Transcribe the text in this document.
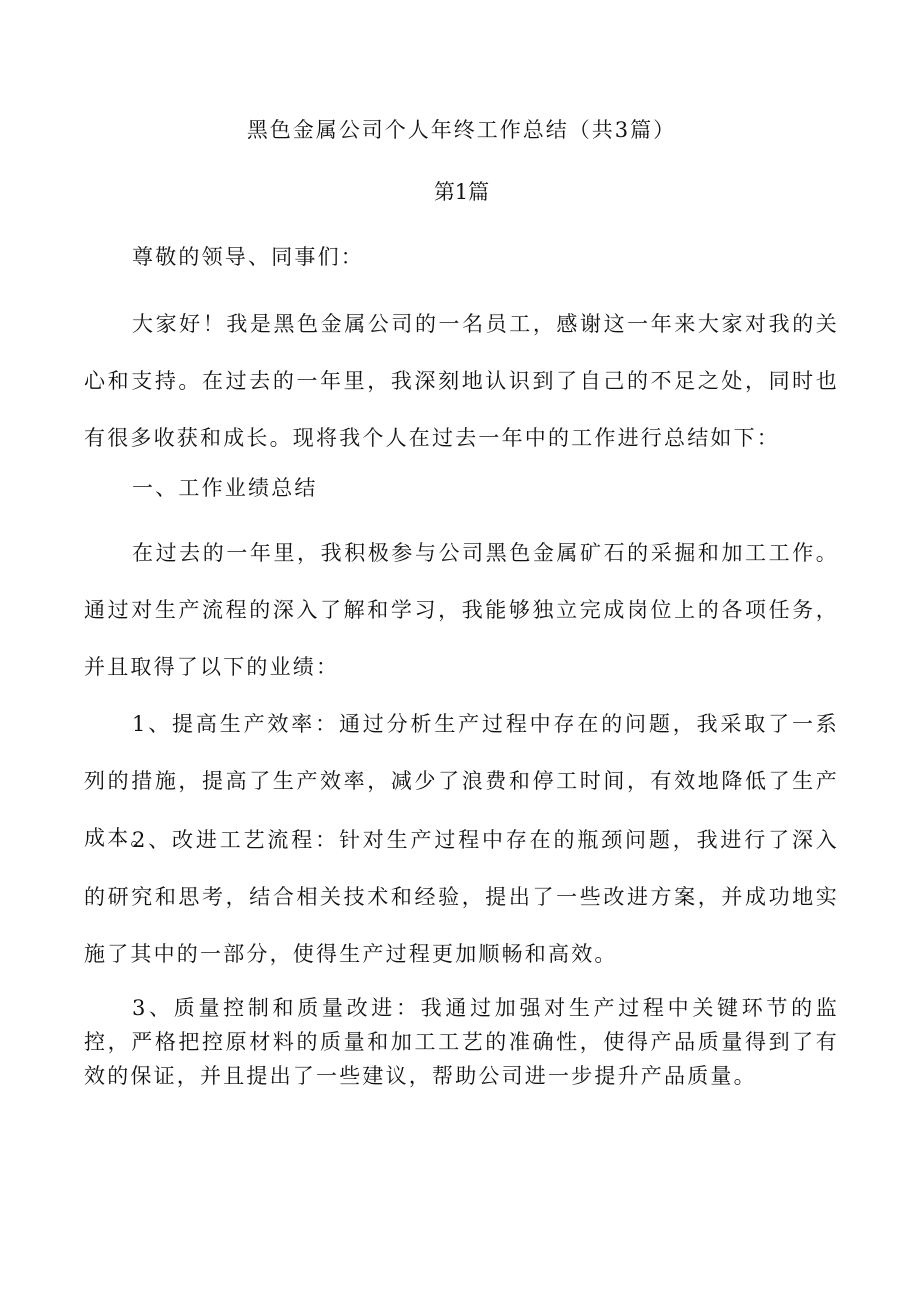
黑色金属公司个人年终工作总结（共3篇）
第1篇

尊敬的领导、同事们：

大家好！我是黑色金属公司的一名员工，感谢这一年来大家对我的关心和支持。在过去的一年里，我深刻地认识到了自己的不足之处，同时也有很多收获和成长。现将我个人在过去一年中的工作进行总结如下：

一、工作业绩总结

在过去的一年里，我积极参与公司黑色金属矿石的采掘和加工工作。通过对生产流程的深入了解和学习，我能够独立完成岗位上的各项任务，并且取得了以下的业绩：

1、提高生产效率：通过分析生产过程中存在的问题，我采取了一系列的措施，提高了生产效率，减少了浪费和停工时间，有效地降低了生产成本。

2、改进工艺流程：针对生产过程中存在的瓶颈问题，我进行了深入的研究和思考，结合相关技术和经验，提出了一些改进方案，并成功地实施了其中的一部分，使得生产过程更加顺畅和高效。

3、质量控制和质量改进：我通过加强对生产过程中关键环节的监控，严格把控原材料的质量和加工工艺的准确性，使得产品质量得到了有效的保证，并且提出了一些建议，帮助公司进一步提升产品质量。
